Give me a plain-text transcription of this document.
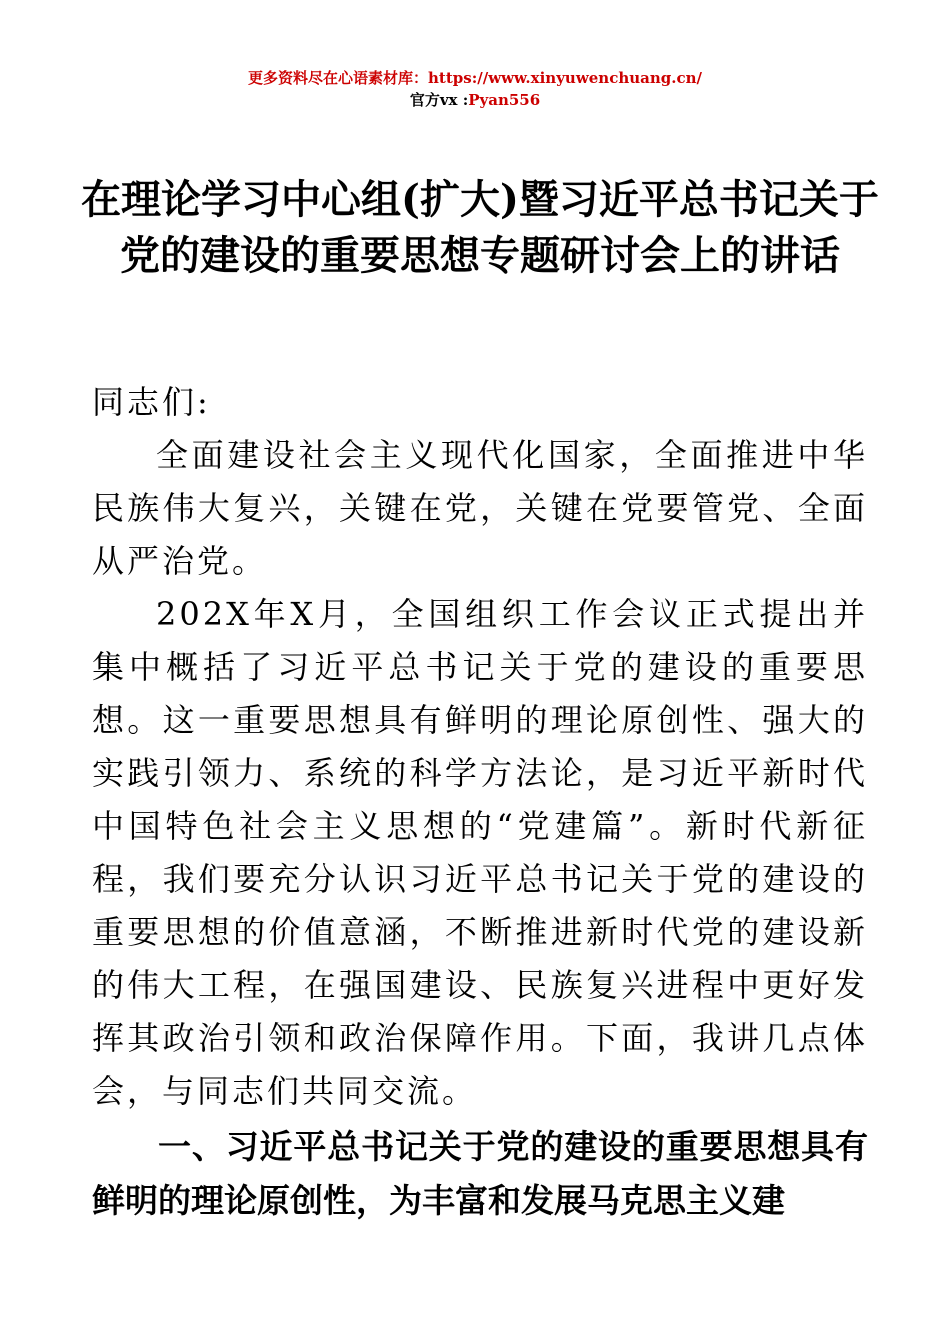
更多资料尽在心语素材库：https://www.xinyuwenchuang.cn/
官方vx :Pyan556
在理论学习中心组(扩大)暨习近平总书记关于党的建设的重要思想专题研讨会上的讲话

同志们:

全面建设社会主义现代化国家，全面推进中华民族伟大复兴，关键在党，关键在党要管党、全面从严治党。

202X年X月，全国组织工作会议正式提出并集中概括了习近平总书记关于党的建设的重要思想。这一重要思想具有鲜明的理论原创性、强大的实践引领力、系统的科学方法论，是习近平新时代中国特色社会主义思想的“党建篇”。新时代新征程，我们要充分认识习近平总书记关于党的建设的重要思想的价值意涵，不断推进新时代党的建设新的伟大工程，在强国建设、民族复兴进程中更好发挥其政治引领和政治保障作用。下面，我讲几点体会，与同志们共同交流。

一、习近平总书记关于党的建设的重要思想具有鲜明的理论原创性，为丰富和发展马克思主义建
